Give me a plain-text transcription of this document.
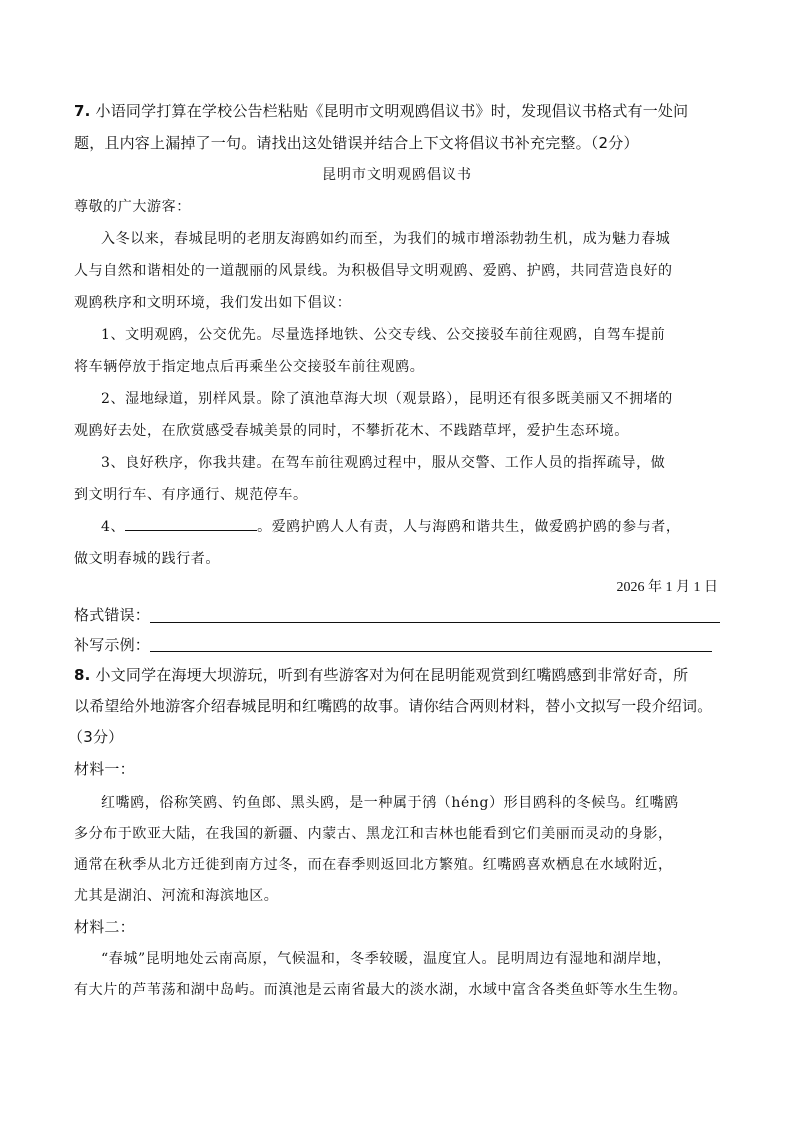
7. 小语同学打算在学校公告栏粘贴《昆明市文明观鸥倡议书》时，发现倡议书格式有一处问
题，且内容上漏掉了一句。请找出这处错误并结合上下文将倡议书补充完整。（2分）
昆明市文明观鸥倡议书
尊敬的广大游客：
入冬以来，春城昆明的老朋友海鸥如约而至，为我们的城市增添勃勃生机，成为魅力春城
人与自然和谐相处的一道靓丽的风景线。为积极倡导文明观鸥、爱鸥、护鸥，共同营造良好的
观鸥秩序和文明环境，我们发出如下倡议：
1、文明观鸥，公交优先。尽量选择地铁、公交专线、公交接驳车前往观鸥，自驾车提前
将车辆停放于指定地点后再乘坐公交接驳车前往观鸥。
2、湿地绿道，别样风景。除了滇池草海大坝（观景路），昆明还有很多既美丽又不拥堵的
观鸥好去处，在欣赏感受春城美景的同时，不攀折花木、不践踏草坪，爱护生态环境。
3、良好秩序，你我共建。在驾车前往观鸥过程中，服从交警、工作人员的指挥疏导，做
到文明行车、有序通行、规范停车。
4、	。爱鸥护鸥人人有责，人与海鸥和谐共生，做爱鸥护鸥的参与者，
做文明春城的践行者。
2026 年 1 月 1 日
格式错误：
补写示例：
8. 小文同学在海埂大坝游玩，听到有些游客对为何在昆明能观赏到红嘴鸥感到非常好奇，所
以希望给外地游客介绍春城昆明和红嘴鸥的故事。请你结合两则材料，替小文拟写一段介绍词。
（3分）
材料一：
红嘴鸥，俗称笑鸥、钓鱼郎、黑头鸥，是一种属于鸻（héng）形目鸥科的冬候鸟。红嘴鸥
多分布于欧亚大陆，在我国的新疆、内蒙古、黑龙江和吉林也能看到它们美丽而灵动的身影，
通常在秋季从北方迁徙到南方过冬，而在春季则返回北方繁殖。红嘴鸥喜欢栖息在水域附近，
尤其是湖泊、河流和海滨地区。
材料二：
“春城”昆明地处云南高原，气候温和，冬季较暖，温度宜人。昆明周边有湿地和湖岸地，
有大片的芦苇荡和湖中岛屿。而滇池是云南省最大的淡水湖，水域中富含各类鱼虾等水生生物。
